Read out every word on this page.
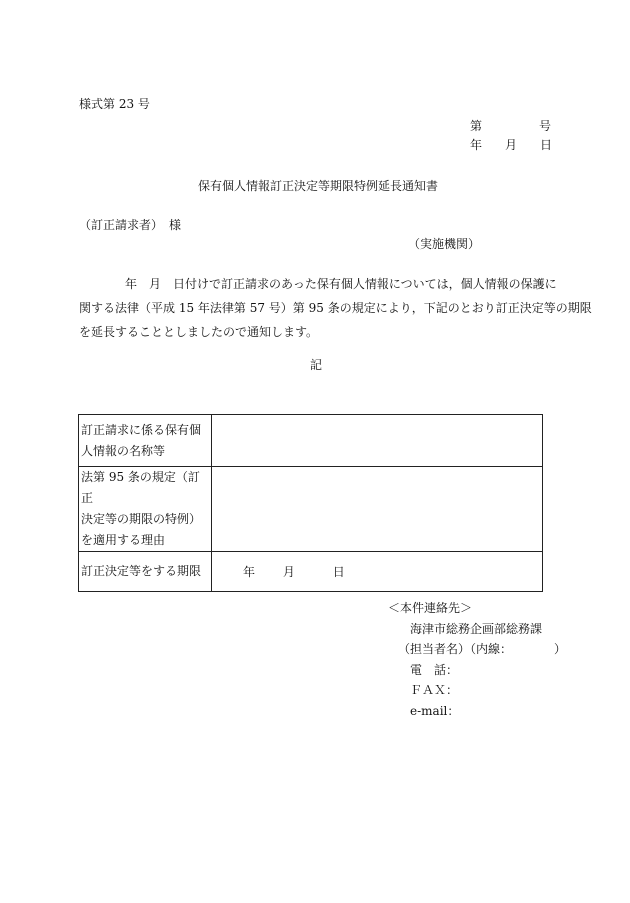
様式第 23 号
第	号
年 月 日
保有個人情報訂正決定等期限特例延長通知書
（訂正請求者）　様
（実施機関）
年　月　日付けで訂正請求のあった保有個人情報については，個人情報の保護に
関する法律（平成 15 年法律第 57 号）第 95 条の規定により，下記のとおり訂正決定等の期限
を延長することとしましたので通知します。
記
訂正請求に係る保有個
人情報の名称等	

法第 95 条の規定（訂正
決定等の期限の特例）
を適用する理由	

訂正決定等をする期限	年 月 日
＜本件連絡先＞
海津市総務企画部総務課
（担当者名）（内線：　　　　）
電　話：
ＦＡＸ：
e-mail：
